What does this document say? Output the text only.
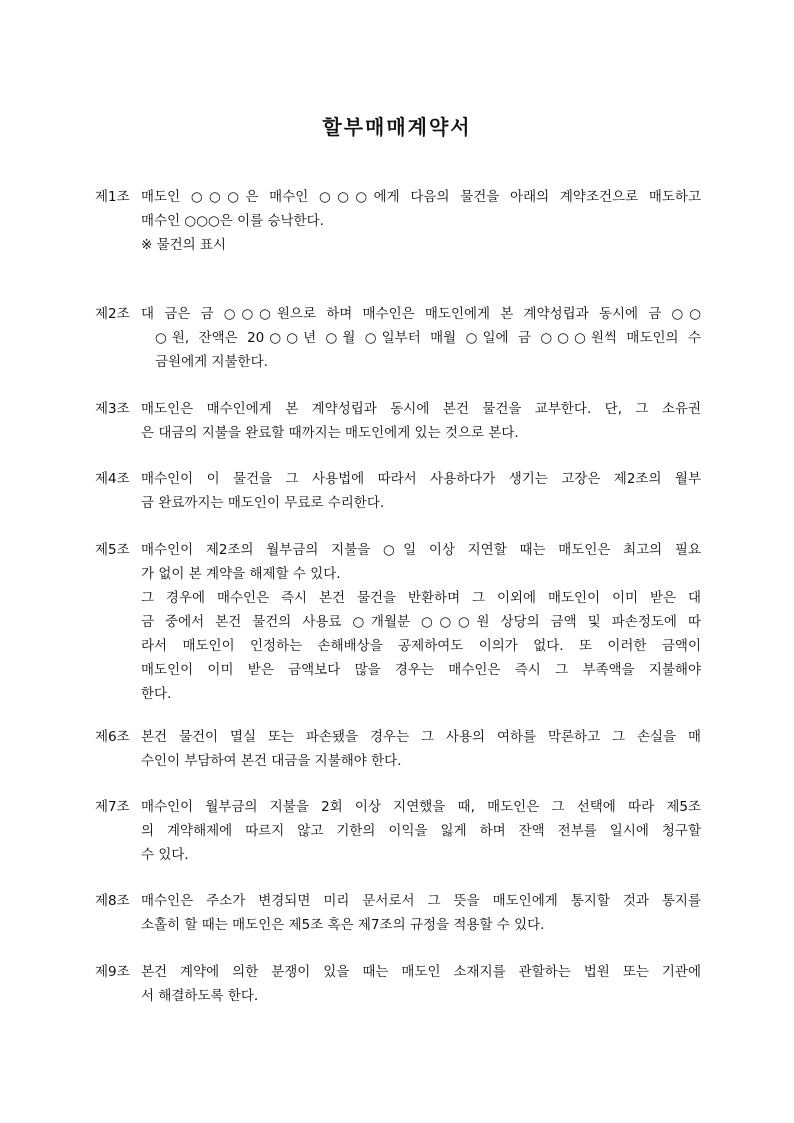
할부매매계약서
제1조 매도인 ○○○은 매수인 ○○○에게 다음의 물건을 아래의 계약조건으로 매도하고
매수인 ○○○은 이를 승낙한다.
※ 물건의 표시
제2조 대 금은 금 ○○○원으로 하며 매수인은 매도인에게 본 계약성립과 동시에 금 ○○
○원, 잔액은 20○○년 ○월 ○일부터 매월 ○일에 금 ○○○원씩 매도인의 수
금원에게 지불한다.
제3조 매도인은 매수인에게 본 계약성립과 동시에 본건 물건을 교부한다. 단, 그 소유권
은 대금의 지불을 완료할 때까지는 매도인에게 있는 것으로 본다.
제4조 매수인이 이 물건을 그 사용법에 따라서 사용하다가 생기는 고장은 제2조의 월부
금 완료까지는 매도인이 무료로 수리한다.
제5조 매수인이 제2조의 월부금의 지불을 ○일 이상 지연할 때는 매도인은 최고의 필요
가 없이 본 계약을 해제할 수 있다.
그 경우에 매수인은 즉시 본건 물건을 반환하며 그 이외에 매도인이 이미 받은 대
금 중에서 본건 물건의 사용료 ○개월분 ○○○원 상당의 금액 및 파손정도에 따
라서 매도인이 인정하는 손해배상을 공제하여도 이의가 없다. 또 이러한 금액이
매도인이 이미 받은 금액보다 많을 경우는 매수인은 즉시 그 부족액을 지불해야
한다.
제6조 본건 물건이 멸실 또는 파손됐을 경우는 그 사용의 여하를 막론하고 그 손실을 매
수인이 부담하여 본건 대금을 지불해야 한다.
제7조 매수인이 월부금의 지불을 2회 이상 지연했을 때, 매도인은 그 선택에 따라 제5조
의 계약해제에 따르지 않고 기한의 이익을 잃게 하며 잔액 전부를 일시에 청구할
수 있다.
제8조 매수인은 주소가 변경되면 미리 문서로서 그 뜻을 매도인에게 통지할 것과 통지를
소홀히 할 때는 매도인은 제5조 혹은 제7조의 규정을 적용할 수 있다.
제9조 본건 계약에 의한 분쟁이 있을 때는 매도인 소재지를 관할하는 법원 또는 기관에
서 해결하도록 한다.
